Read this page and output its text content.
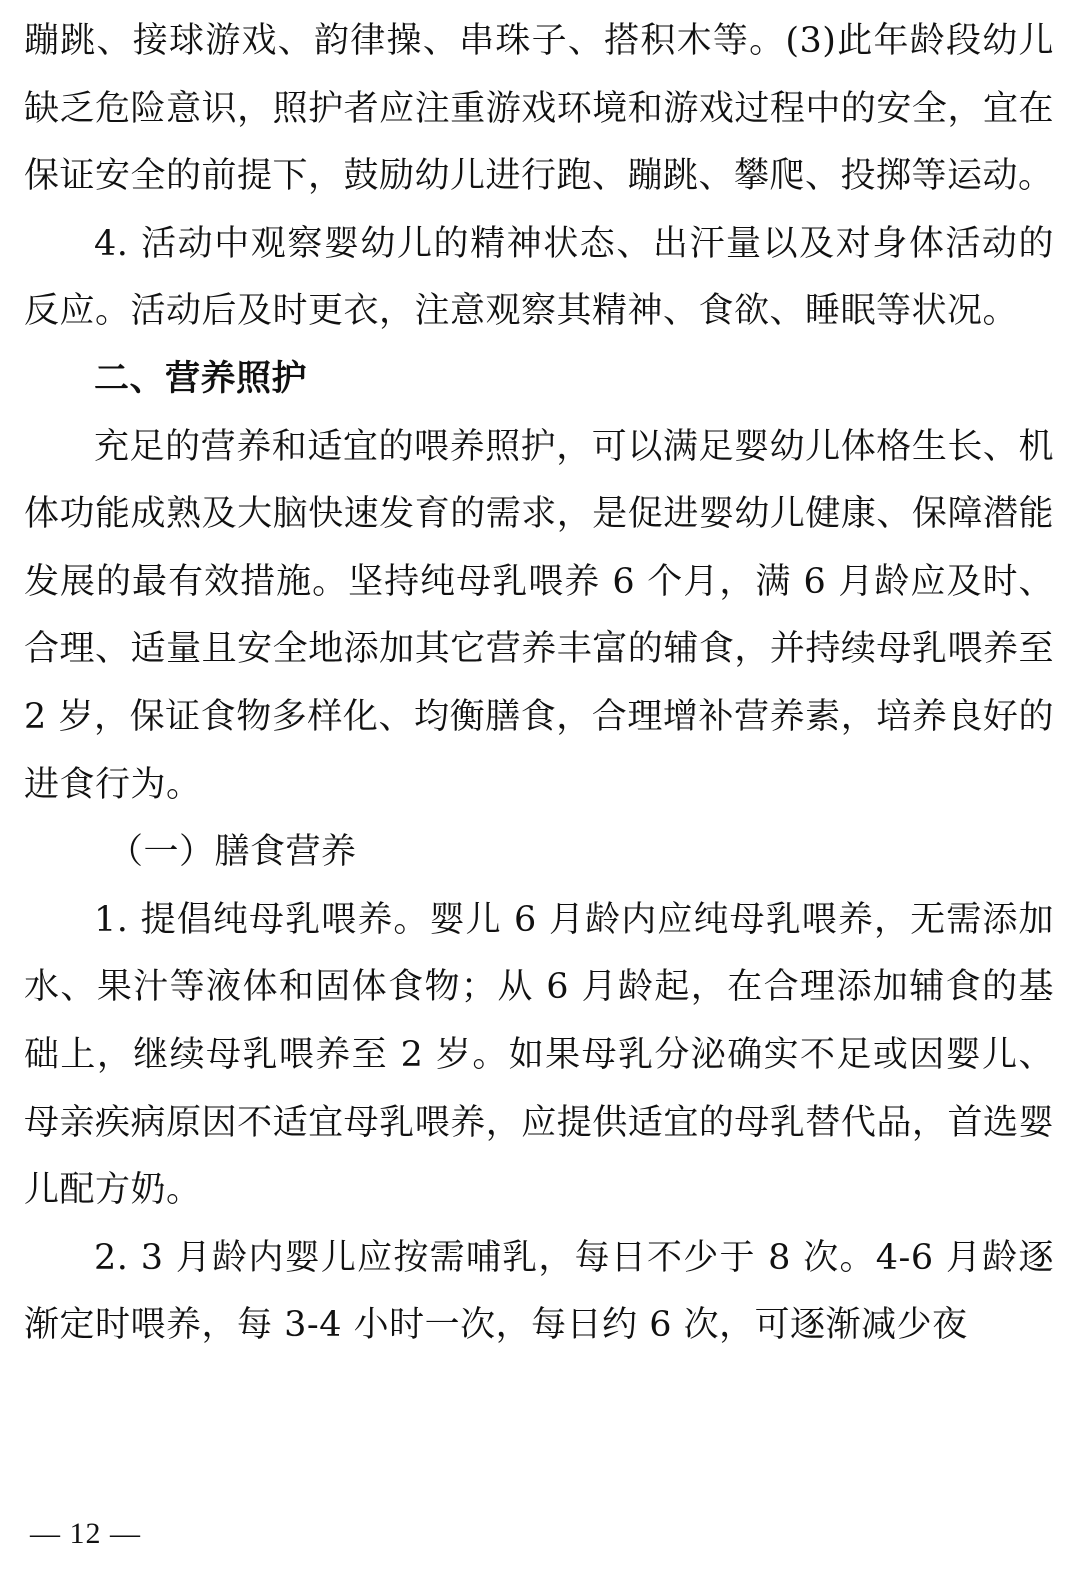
蹦跳、接球游戏、韵律操、串珠子、搭积木等。(3)此年龄段幼儿缺乏危险意识，照护者应注重游戏环境和游戏过程中的安全，宜在保证安全的前提下，鼓励幼儿进行跑、蹦跳、攀爬、投掷等运动。

4. 活动中观察婴幼儿的精神状态、出汗量以及对身体活动的反应。活动后及时更衣，注意观察其精神、食欲、睡眠等状况。

二、营养照护

充足的营养和适宜的喂养照护，可以满足婴幼儿体格生长、机体功能成熟及大脑快速发育的需求，是促进婴幼儿健康、保障潜能发展的最有效措施。坚持纯母乳喂养 6 个月，满 6 月龄应及时、合理、适量且安全地添加其它营养丰富的辅食，并持续母乳喂养至 2 岁，保证食物多样化、均衡膳食，合理增补营养素，培养良好的进食行为。

（一）膳食营养

1. 提倡纯母乳喂养。婴儿 6 月龄内应纯母乳喂养，无需添加水、果汁等液体和固体食物；从 6 月龄起，在合理添加辅食的基础上，继续母乳喂养至 2 岁。如果母乳分泌确实不足或因婴儿、母亲疾病原因不适宜母乳喂养，应提供适宜的母乳替代品，首选婴儿配方奶。

2. 3 月龄内婴儿应按需哺乳，每日不少于 8 次。4-6 月龄逐渐定时喂养，每 3-4 小时一次，每日约 6 次，可逐渐减少夜

— 12 —
